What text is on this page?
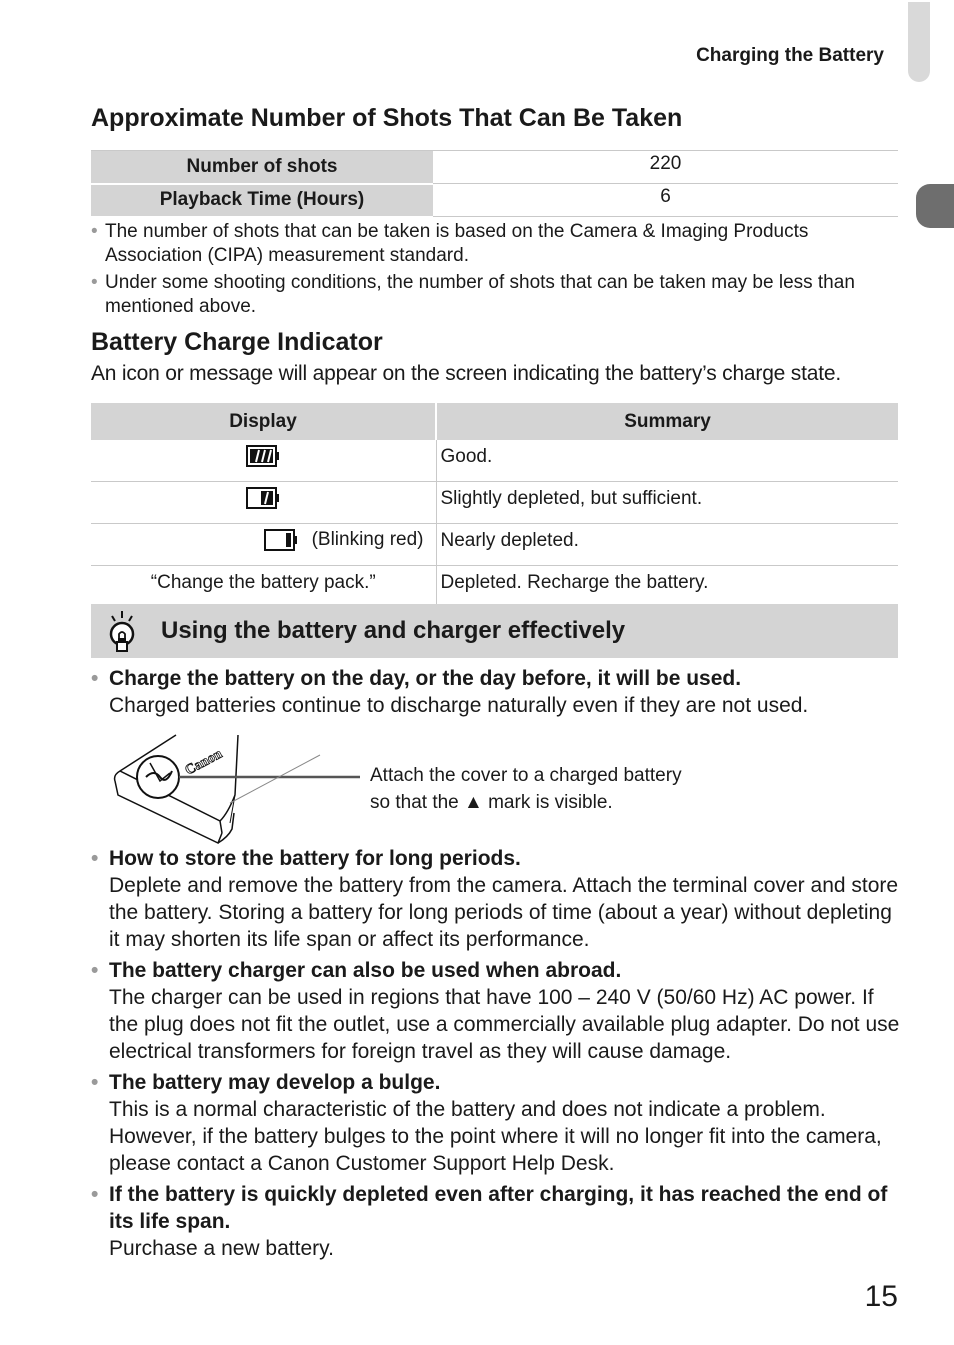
Charging the Battery
Approximate Number of Shots That Can Be Taken
Number of shots	220
Playback Time (Hours)	6
• The number of shots that can be taken is based on the Camera & Imaging Products Association (CIPA) measurement standard.
• Under some shooting conditions, the number of shots that can be taken may be less than mentioned above.
Battery Charge Indicator
An icon or message will appear on the screen indicating the battery’s charge state.
Display	Summary
	Good.
	Slightly depleted, but sufficient.
(Blinking red)	Nearly depleted.
“Change the battery pack.”	Depleted. Recharge the battery.
Using the battery and charger effectively
• Charge the battery on the day, or the day before, it will be used.
Charged batteries continue to discharge naturally even if they are not used.
Canon	Attach the cover to a charged battery
so that the ▲ mark is visible.
• How to store the battery for long periods.
Deplete and remove the battery from the camera. Attach the terminal cover and store the battery. Storing a battery for long periods of time (about a year) without depleting it may shorten its life span or affect its performance.
• The battery charger can also be used when abroad.
The charger can be used in regions that have 100 – 240 V (50/60 Hz) AC power. If the plug does not fit the outlet, use a commercially available plug adapter. Do not use electrical transformers for foreign travel as they will cause damage.
• The battery may develop a bulge.
This is a normal characteristic of the battery and does not indicate a problem. However, if the battery bulges to the point where it will no longer fit into the camera, please contact a Canon Customer Support Help Desk.
• If the battery is quickly depleted even after charging, it has reached the end of its life span.
Purchase a new battery.
15
